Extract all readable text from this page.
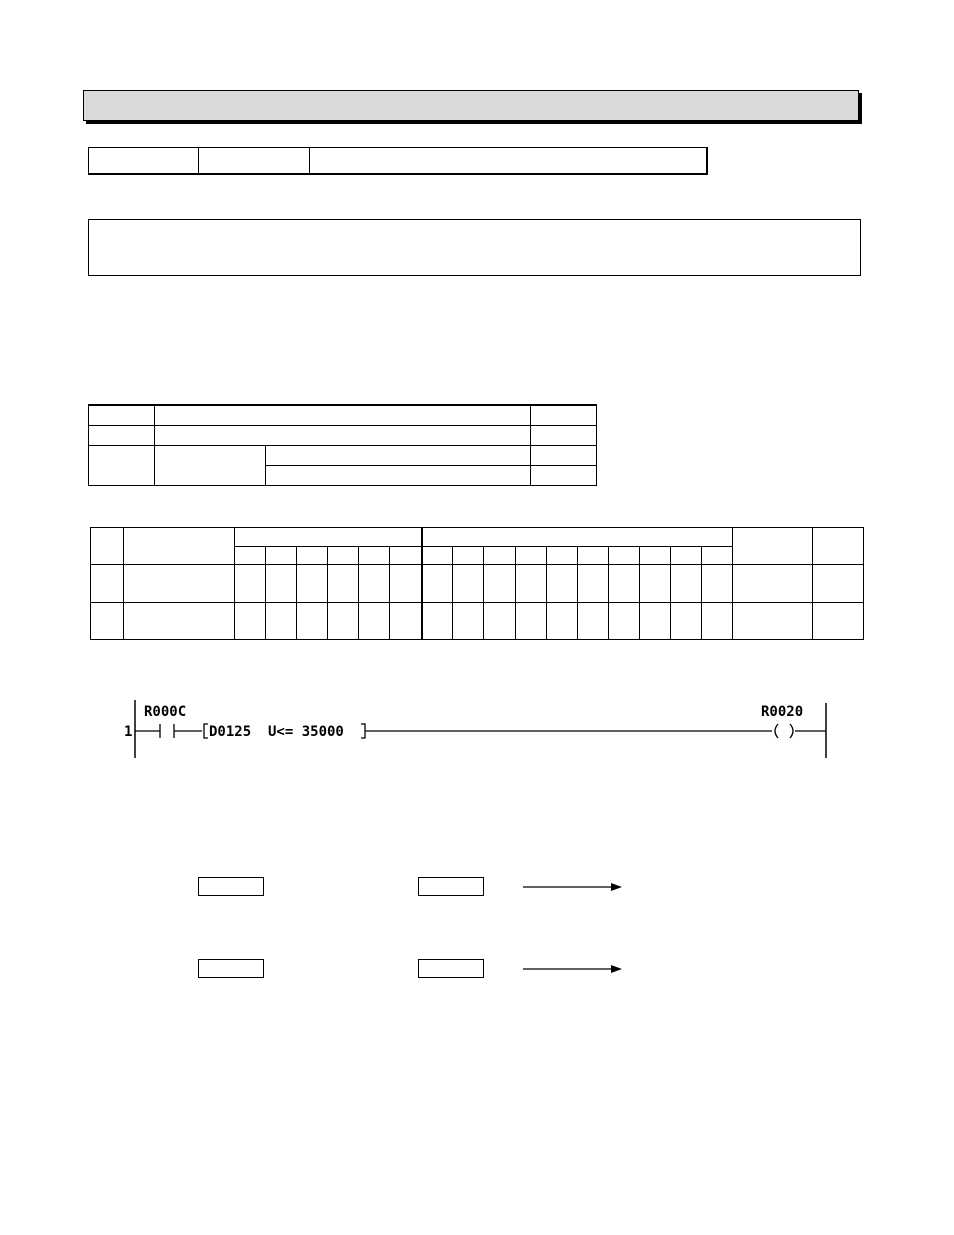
1
R000C
D0125  U<= 35000
R0020
